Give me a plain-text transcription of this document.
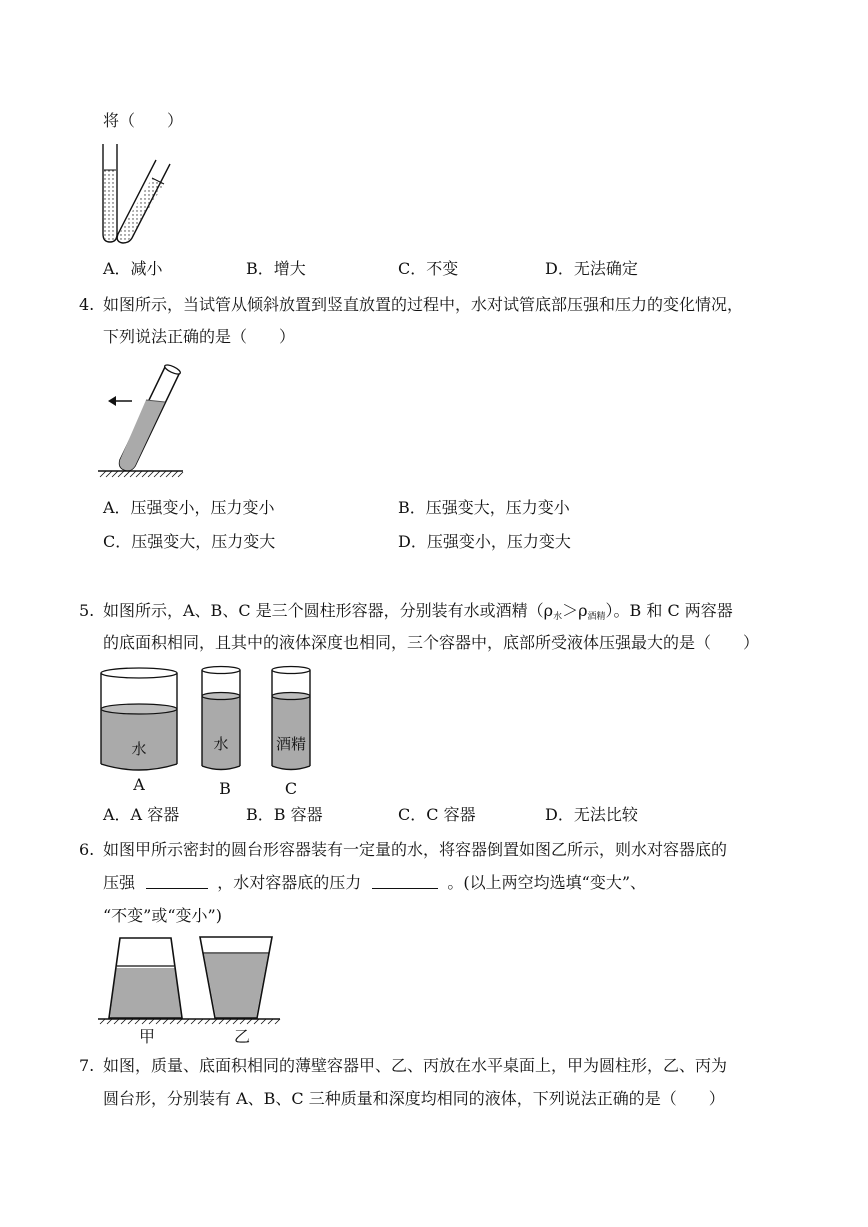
将（　　）
A．减小	B．增大	C．不变	D．无法确定
4. 如图所示，当试管从倾斜放置到竖直放置的过程中，水对试管底部压强和压力的变化情况，
下列说法正确的是（　　）
A．压强变小，压力变小	B．压强变大，压力变小
C．压强变大，压力变大	D．压强变小，压力变大
5. 如图所示，A、B、C 是三个圆柱形容器，分别装有水或酒精$(\rho_水>\rho_{酒精})$。B 和 C 两容器
的底面积相同，且其中的液体深度也相同，三个容器中，底部所受液体压强最大的是（　　）
水	水	酒精
A	B	C
A．A 容器	B．B 容器	C．C 容器	D．无法比较
6. 如图甲所示密封的圆台形容器装有一定量的水，将容器倒置如图乙所示，则水对容器底的
压强	，水对容器底的压力	。(以上两空均选填“变大”、
“不变”或“变小”)
甲	乙
7. 如图，质量、底面积相同的薄壁容器甲、乙、丙放在水平桌面上，甲为圆柱形，乙、丙为
圆台形，分别装有 A、B、C 三种质量和深度均相同的液体，下列说法正确的是（　　）
